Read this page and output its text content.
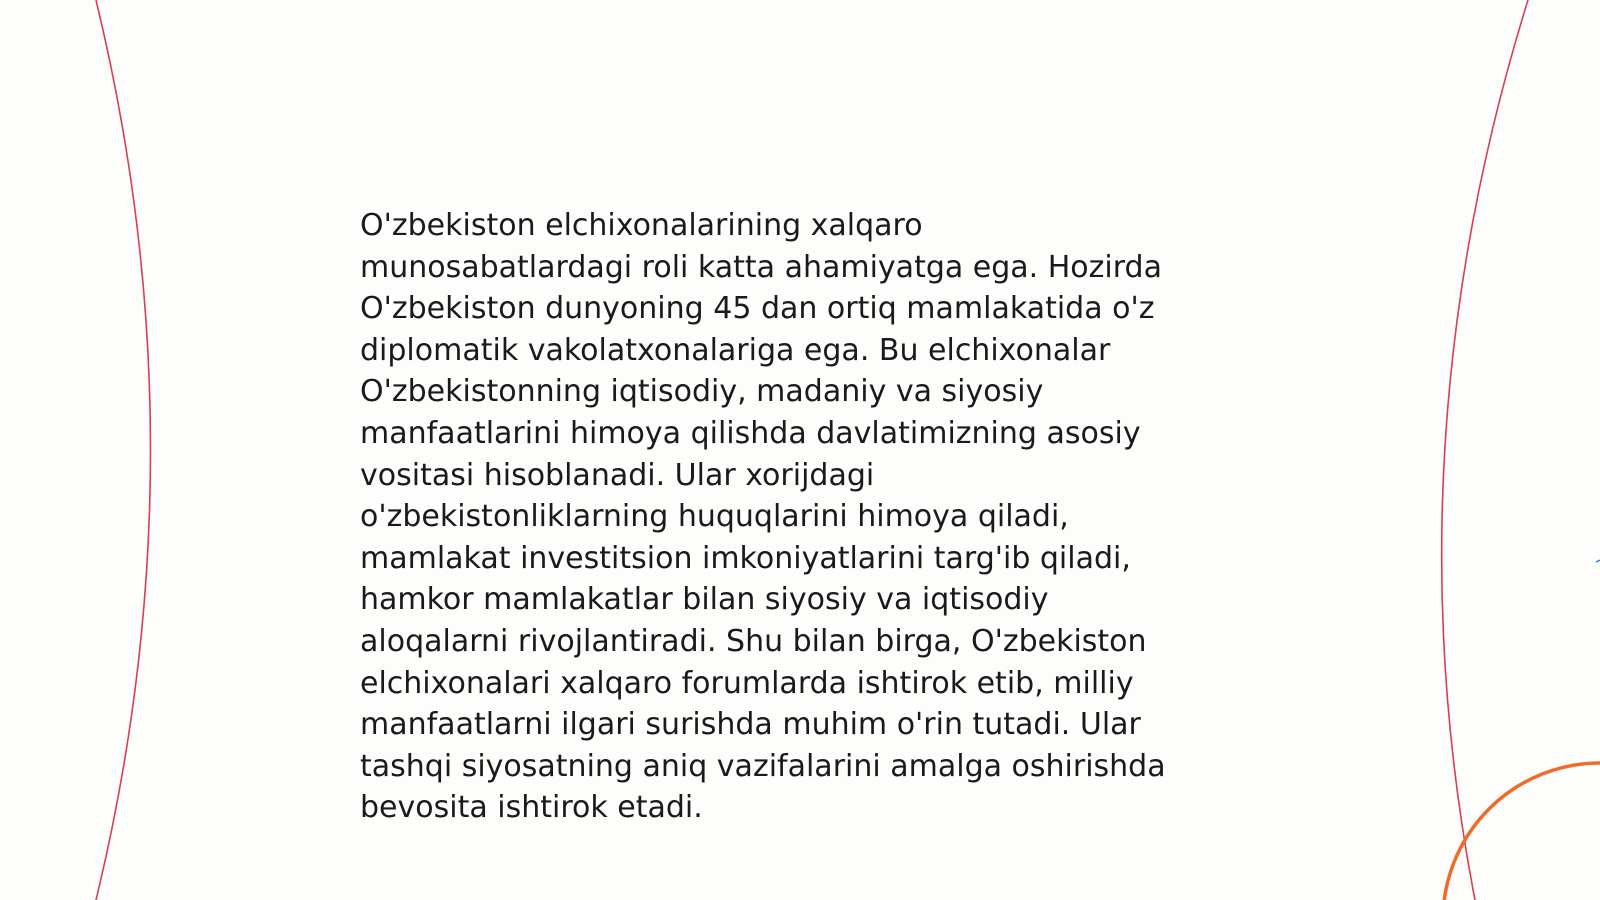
O'zbekiston elchixonalarining xalqaro
munosabatlardagi roli katta ahamiyatga ega. Hozirda
O'zbekiston dunyoning 45 dan ortiq mamlakatida o'z
diplomatik vakolatxonalariga ega. Bu elchixonalar
O'zbekistonning iqtisodiy, madaniy va siyosiy
manfaatlarini himoya qilishda davlatimizning asosiy
vositasi hisoblanadi. Ular xorijdagi
o'zbekistonliklarning huquqlarini himoya qiladi,
mamlakat investitsion imkoniyatlarini targ'ib qiladi,
hamkor mamlakatlar bilan siyosiy va iqtisodiy
aloqalarni rivojlantiradi. Shu bilan birga, O'zbekiston
elchixonalari xalqaro forumlarda ishtirok etib, milliy
manfaatlarni ilgari surishda muhim o'rin tutadi. Ular
tashqi siyosatning aniq vazifalarini amalga oshirishda
bevosita ishtirok etadi.
